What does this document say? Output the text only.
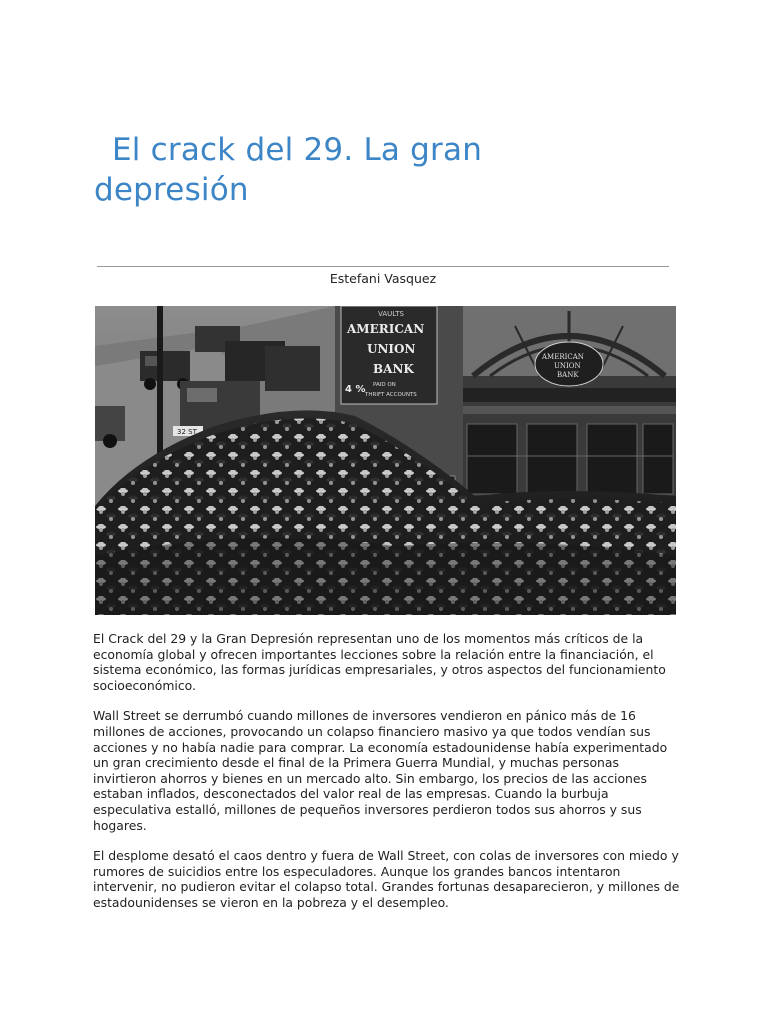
El crack del 29. La gran depresión
Estefani Vasquez
32 ST
VAULTS
AMERICAN
UNION
BANK
4 % PAID ON
THRIFT ACCOUNTS
AMERICAN
UNION
BANK

El Crack del 29 y la Gran Depresión representan uno de los momentos más críticos de la economía global y ofrecen importantes lecciones sobre la relación entre la financiación, el sistema económico, las formas jurídicas empresariales, y otros aspectos del funcionamiento socioeconómico.

Wall Street se derrumbó cuando millones de inversores vendieron en pánico más de 16 millones de acciones, provocando un colapso financiero masivo ya que todos vendían sus acciones y no había nadie para comprar. La economía estadounidense había experimentado un gran crecimiento desde el final de la Primera Guerra Mundial, y muchas personas invirtieron ahorros y bienes en un mercado alto. Sin embargo, los precios de las acciones estaban inflados, desconectados del valor real de las empresas. Cuando la burbuja especulativa estalló, millones de pequeños inversores perdieron todos sus ahorros y sus hogares.

El desplome desató el caos dentro y fuera de Wall Street, con colas de inversores con miedo y rumores de suicidios entre los especuladores. Aunque los grandes bancos intentaron intervenir, no pudieron evitar el colapso total. Grandes fortunas desaparecieron, y millones de estadounidenses se vieron en la pobreza y el desempleo.
